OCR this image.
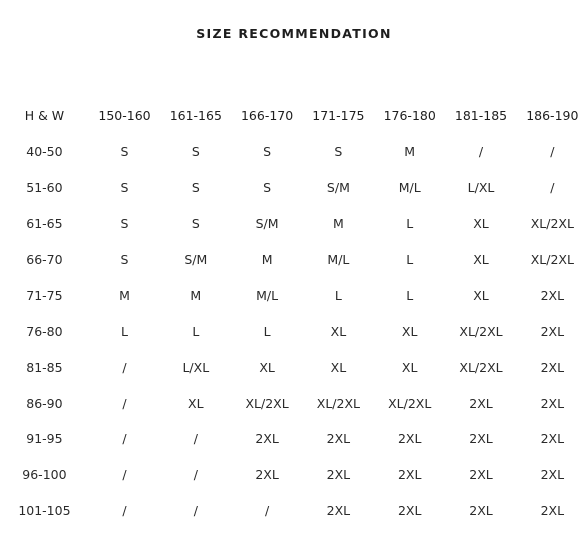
SIZE RECOMMENDATION
H & W	150-160	161-165	166-170	171-175	176-180	181-185	186-190
40-50	S	S	S	S	M	/	/
51-60	S	S	S	S/M	M/L	L/XL	/
61-65	S	S	S/M	M	L	XL	XL/2XL
66-70	S	S/M	M	M/L	L	XL	XL/2XL
71-75	M	M	M/L	L	L	XL	2XL
76-80	L	L	L	XL	XL	XL/2XL	2XL
81-85	/	L/XL	XL	XL	XL	XL/2XL	2XL
86-90	/	XL	XL/2XL	XL/2XL	XL/2XL	2XL	2XL
91-95	/	/	2XL	2XL	2XL	2XL	2XL
96-100	/	/	2XL	2XL	2XL	2XL	2XL
101-105	/	/	/	2XL	2XL	2XL	2XL
